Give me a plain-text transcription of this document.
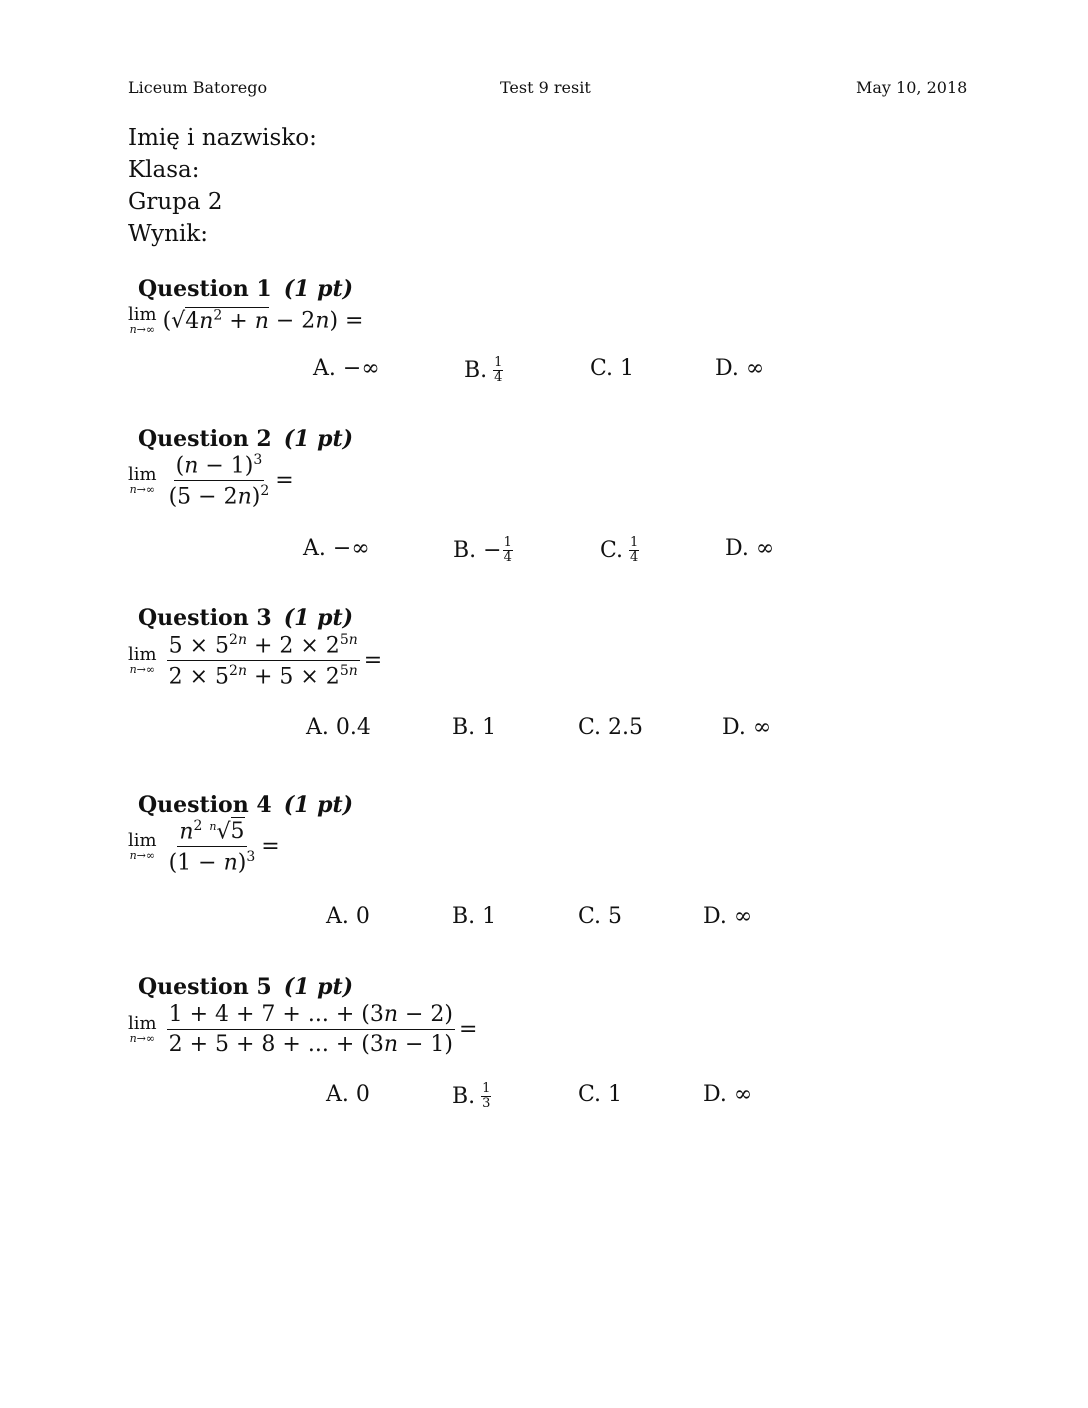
Liceum Batorego	Test 9 resit	May 10, 2018
Imię i nazwisko:
Klasa:
Grupa 2
Wynik:
Question 1 (1 pt)
lim
n→∞ $(√4n^2 + n - 2n)$ =
A.
−∞	B. 1
4	C.
1	D.
∞
Question 2 (1 pt)
lim
$n\to\infty \frac{(n - 1)^3}{(5 - 2n)^2}$ =
A.
−∞	B.
− $\frac{1}{4}$	C. 1
4	D.
∞
Question 3 (1 pt)
lim
$n\to\infty \frac{5 \times 5^{2n} + 2 \times 2^{5n}}{2 \times 5^{2n} + 5 \times 2^{5n}}$ =
A.
0.4	B.
1	C.
2.5	D.
∞
Question 4 (1 pt)
lim
$n\to\infty \frac{n^2 ^n√5}{(1 - n)^3}$ =
A.
0	B.
1	C.
5	D.
∞
Question 5 (1 pt)
lim
$n\to\infty \frac{1 + 4 + 7 + ... + (3n - 2)}{2 + 5 + 8 + ... + (3n - 1)}$ =
A.
0	B. 1
3	C.
1	D.
∞
